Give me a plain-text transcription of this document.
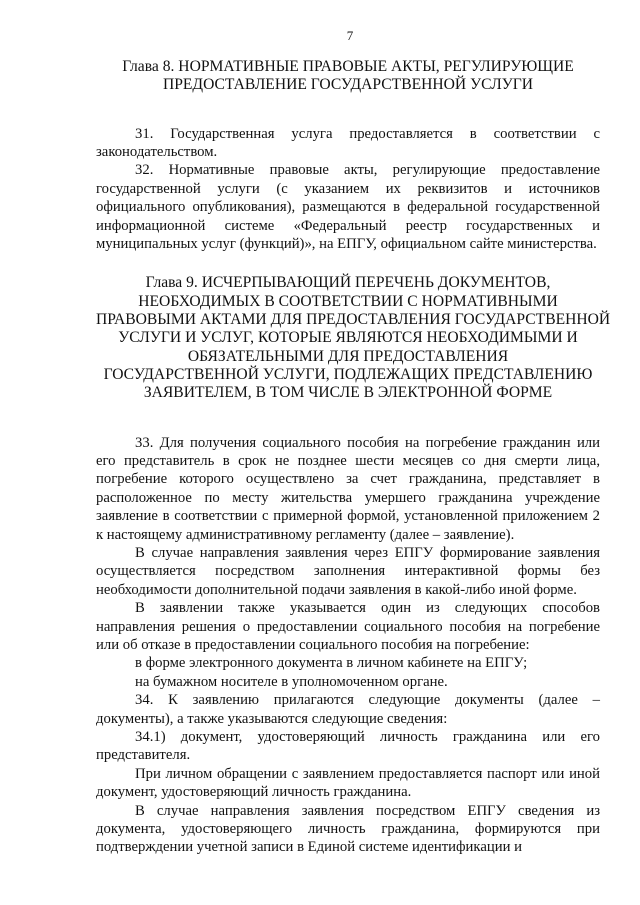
7
Глава 8. НОРМАТИВНЫЕ ПРАВОВЫЕ АКТЫ, РЕГУЛИРУЮЩИЕ
ПРЕДОСТАВЛЕНИЕ ГОСУДАРСТВЕННОЙ УСЛУГИ

31. Государственная услуга предоставляется в соответствии с законодательством.

32. Нормативные правовые акты, регулирующие предоставление государственной услуги (с указанием их реквизитов и источников официального опубликования), размещаются в федеральной государственной информационной системе «Федеральный реестр государственных и муниципальных услуг (функций)», на ЕПГУ, официальном сайте министерства.

Глава 9. ИСЧЕРПЫВАЮЩИЙ ПЕРЕЧЕНЬ ДОКУМЕНТОВ,
НЕОБХОДИМЫХ В СООТВЕТСТВИИ С НОРМАТИВНЫМИ
ПРАВОВЫМИ АКТАМИ ДЛЯ ПРЕДОСТАВЛЕНИЯ ГОСУДАРСТВЕННОЙ
УСЛУГИ И УСЛУГ, КОТОРЫЕ ЯВЛЯЮТСЯ НЕОБХОДИМЫМИ И
ОБЯЗАТЕЛЬНЫМИ ДЛЯ ПРЕДОСТАВЛЕНИЯ
ГОСУДАРСТВЕННОЙ УСЛУГИ, ПОДЛЕЖАЩИХ ПРЕДСТАВЛЕНИЮ
ЗАЯВИТЕЛЕМ, В ТОМ ЧИСЛЕ В ЭЛЕКТРОННОЙ ФОРМЕ

33. Для получения социального пособия на погребение гражданин или его представитель в срок не позднее шести месяцев со дня смерти лица, погребение которого осуществлено за счет гражданина, представляет в расположенное по месту жительства умершего гражданина учреждение заявление в соответствии с примерной формой, установленной приложением 2 к настоящему административному регламенту (далее – заявление).

В случае направления заявления через ЕПГУ формирование заявления осуществляется посредством заполнения интерактивной формы без необходимости дополнительной подачи заявления в какой-либо иной форме.

В заявлении также указывается один из следующих способов направления решения о предоставлении социального пособия на погребение или об отказе в предоставлении социального пособия на погребение:

в форме электронного документа в личном кабинете на ЕПГУ;

на бумажном носителе в уполномоченном органе.

34. К заявлению прилагаются следующие документы (далее – документы), а также указываются следующие сведения:

34.1) документ, удостоверяющий личность гражданина или его представителя.

При личном обращении с заявлением предоставляется паспорт или иной документ, удостоверяющий личность гражданина.

В случае направления заявления посредством ЕПГУ сведения из документа, удостоверяющего личность гражданина, формируются при подтверждении учетной записи в Единой системе идентификации и
